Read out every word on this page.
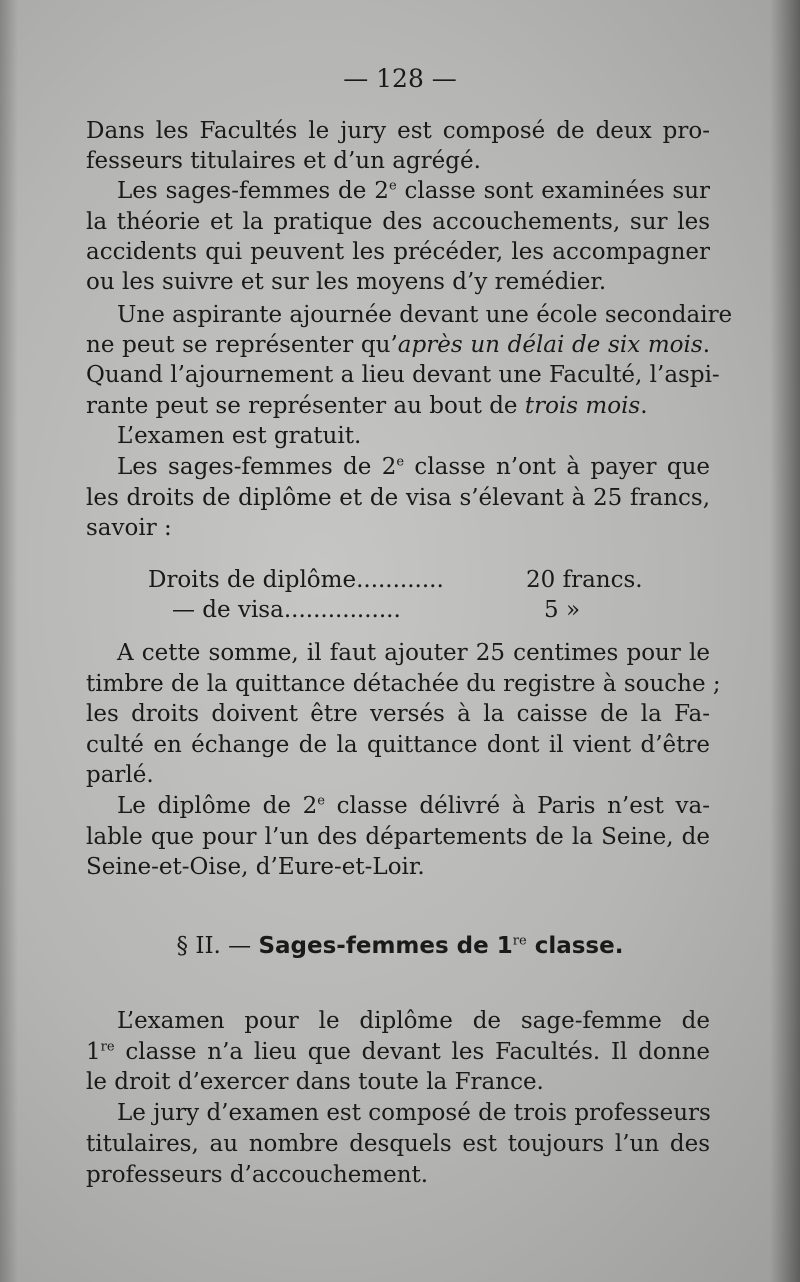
— 128 —

Dans les Facultés le jury est composé de deux pro-

fesseurs titulaires et d’un agrégé.

Les sages-femmes de 2e classe sont examinées sur

la théorie et la pratique des accouchements, sur les

accidents qui peuvent les précéder, les accompagner

ou les suivre et sur les moyens d’y remédier.

Une aspirante ajournée devant une école secondaire

ne peut se représenter qu’après un délai de six mois.

Quand l’ajournement a lieu devant une Faculté, l’aspi-

rante peut se représenter au bout de trois mois.

L’examen est gratuit.

Les sages-femmes de 2e classe n’ont à payer que

les droits de diplôme et de visa s’élevant à 25 francs,

savoir :

Droits de diplôme............	20 francs.
— de visa................	5 »

A cette somme, il faut ajouter 25 centimes pour le

timbre de la quittance détachée du registre à souche ;

les droits doivent être versés à la caisse de la Fa-

culté en échange de la quittance dont il vient d’être

parlé.

Le diplôme de 2e classe délivré à Paris n’est va-

lable que pour l’un des départements de la Seine, de

Seine-et-Oise, d’Eure-et-Loir.

§ II. — Sages-femmes de 1re classe.

L’examen pour le diplôme de sage-femme de

1re classe n’a lieu que devant les Facultés. Il donne

le droit d’exercer dans toute la France.

Le jury d’examen est composé de trois professeurs

titulaires, au nombre desquels est toujours l’un des

professeurs d’accouchement.
